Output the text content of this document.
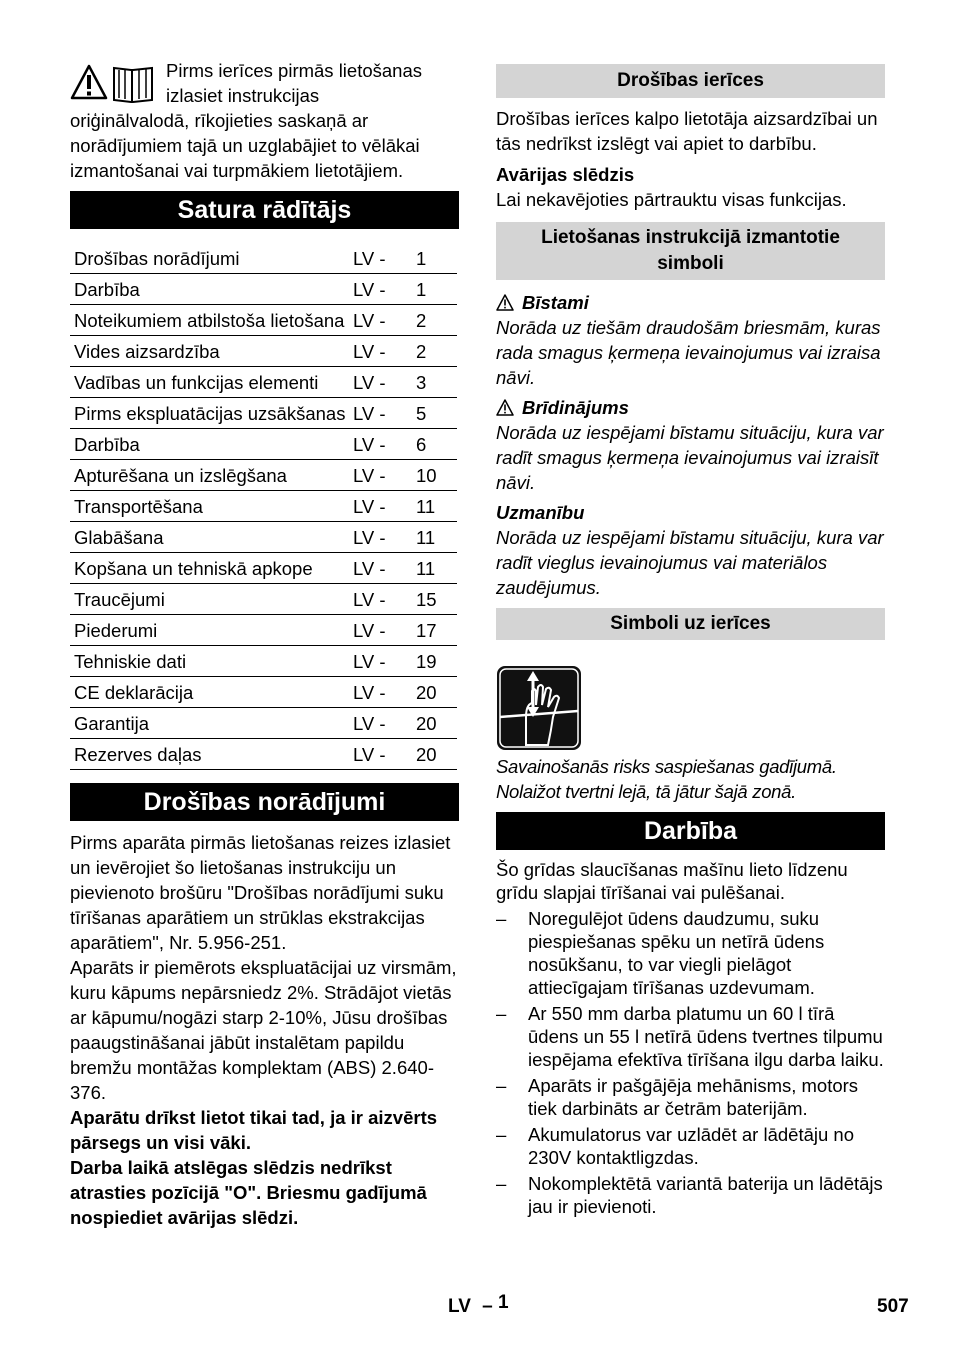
Pirms ierīces pirmās lietošanas

izlasiet instrukcijas

oriģinālvalodā, rīkojieties saskaņā ar norādījumiem tajā un uzglabājiet to vēlākai izmantošanai vai turpmākiem lietotājiem.

Satura rādītājs
Drošības norādījumi	LV -	1
Darbība	LV -	1
Noteikumiem atbilstoša lietošana	LV -	2
Vides aizsardzība	LV -	2
Vadības un funkcijas elementi	LV -	3
Pirms ekspluatācijas uzsākšanas	LV -	5
Darbība	LV -	6
Apturēšana un izslēgšana	LV -	10
Transportēšana	LV -	11
Glabāšana	LV -	11
Kopšana un tehniskā apkope	LV -	11
Traucējumi	LV -	15
Piederumi	LV -	17
Tehniskie dati	LV -	19
CE deklarācija	LV -	20
Garantija	LV -	20
Rezerves daļas	LV -	20
Drošības norādījumi

Pirms aparāta pirmās lietošanas reizes izlasiet un ievērojiet šo lietošanas instrukciju un pievienoto brošūru "Drošības norādījumi suku tīrīšanas aparātiem un strūklas ekstrakcijas aparātiem", Nr. 5.956-251.

Aparāts ir piemērots ekspluatācijai uz virsmām, kuru kāpums nepārsniedz 2%. Strādājot vietās ar kāpumu/nogāzi starp 2-10%, Jūsu drošības paaugstināšanai jābūt instalētam papildu bremžu montāžas komplektam (ABS) 2.640-376.

Aparātu drīkst lietot tikai tad, ja ir aizvērts pārsegs un visi vāki.

Darba laikā atslēgas slēdzis nedrīkst atrasties pozīcijā "O". Briesmu gadījumā nospiediet avārijas slēdzi.

Drošības ierīces

Drošības ierīces kalpo lietotāja aizsardzībai un tās nedrīkst izslēgt vai apiet to darbību.

Avārijas slēdzis

Lai nekavējoties pārtrauktu visas funkcijas.

Lietošanas instrukcijā izmantotie simboli

Bīstami

Norāda uz tiešām draudošām briesmām, kuras rada smagus ķermeņa ievainojumus vai izraisa nāvi.

Brīdinājums

Norāda uz iespējami bīstamu situāciju, kura var radīt smagus ķermeņa ievainojumus vai izraisīt nāvi.

Uzmanību

Norāda uz iespējami bīstamu situāciju, kura var radīt vieglus ievainojumus vai materiālos zaudējumus.

Simboli uz ierīces

Savainošanās risks saspiešanas gadījumā. Nolaižot tvertni lejā, tā jātur šajā zonā.

Darbība

Šo grīdas slaucīšanas mašīnu lieto līdzenu grīdu slapjai tīrīšanai vai pulēšanai.

– Noregulējot ūdens daudzumu, suku piespiešanas spēku un netīrā ūdens nosūkšanu, to var viegli pielāgot attiecīgajam tīrīšanas uzdevumam.
– Ar 550 mm darba platumu un 60 l tīrā ūdens un 55 l netīrā ūdens tvertnes tilpumu iespējama efektīva tīrīšana ilgu darba laiku.
– Aparāts ir pašgājēja mehānisms, motors tiek darbināts ar četrām baterijām.
– Akumulatorus var uzlādēt ar lādētāju no 230V kontaktligzdas.
– Nokomplektētā variantā baterija un lādētājs jau ir pievienoti.
LV – 1	507
